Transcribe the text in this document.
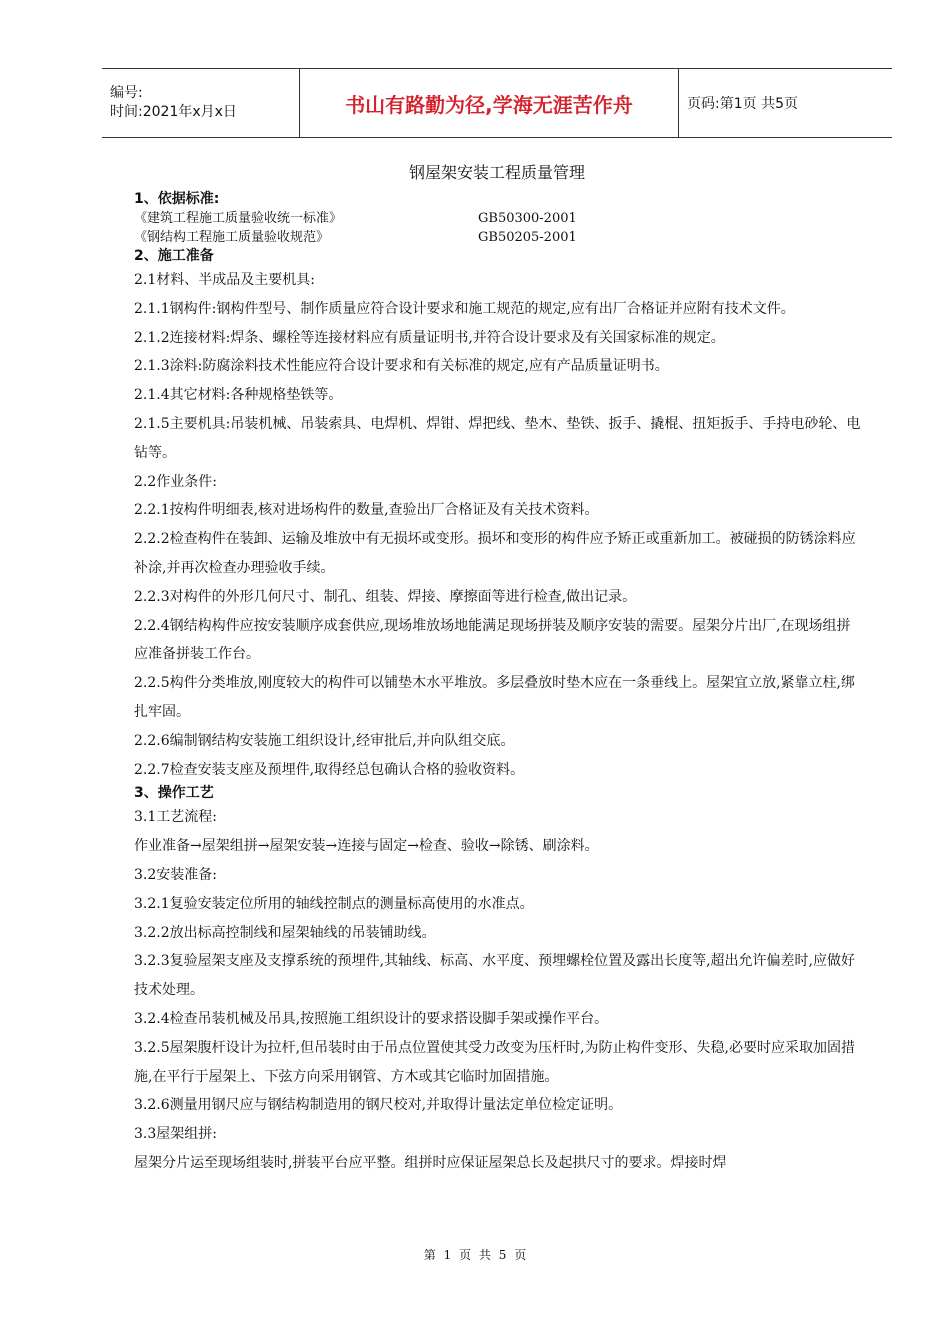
编号:
时间:2021年x月x日	书山有路勤为径,学海无涯苦作舟	页码:第1页 共5页
钢屋架安装工程质量管理
1、依据标准:
《建筑工程施工质量验收统一标准》	GB50300-2001
《钢结构工程施工质量验收规范》	GB50205-2001
2、施工准备
2.1材料、半成品及主要机具:
2.1.1钢构件:钢构件型号、制作质量应符合设计要求和施工规范的规定,应有出厂合格证并应附有技术文件。
2.1.2连接材料:焊条、螺栓等连接材料应有质量证明书,并符合设计要求及有关国家标准的规定。
2.1.3涂料:防腐涂料技术性能应符合设计要求和有关标准的规定,应有产品质量证明书。
2.1.4其它材料:各种规格垫铁等。
2.1.5主要机具:吊装机械、吊装索具、电焊机、焊钳、焊把线、垫木、垫铁、扳手、撬棍、扭矩扳手、手持电砂轮、电钻等。
2.2作业条件:
2.2.1按构件明细表,核对进场构件的数量,查验出厂合格证及有关技术资料。
2.2.2检查构件在装卸、运输及堆放中有无损坏或变形。损坏和变形的构件应予矫正或重新加工。被碰损的防锈涂料应补涂,并再次检查办理验收手续。
2.2.3对构件的外形几何尺寸、制孔、组装、焊接、摩擦面等进行检查,做出记录。
2.2.4钢结构构件应按安装顺序成套供应,现场堆放场地能满足现场拼装及顺序安装的需要。屋架分片出厂,在现场组拼应准备拼装工作台。
2.2.5构件分类堆放,刚度较大的构件可以铺垫木水平堆放。多层叠放时垫木应在一条垂线上。屋架宜立放,紧靠立柱,绑扎牢固。
2.2.6编制钢结构安装施工组织设计,经审批后,并向队组交底。
2.2.7检查安装支座及预埋件,取得经总包确认合格的验收资料。
3、操作工艺
3.1工艺流程:
作业准备→屋架组拼→屋架安装→连接与固定→检查、验收→除锈、刷涂料。
3.2安装准备:
3.2.1复验安装定位所用的轴线控制点的测量标高使用的水准点。
3.2.2放出标高控制线和屋架轴线的吊装铺助线。
3.2.3复验屋架支座及支撑系统的预埋件,其轴线、标高、水平度、预埋螺栓位置及露出长度等,超出允许偏差时,应做好技术处理。
3.2.4检查吊装机械及吊具,按照施工组织设计的要求搭设脚手架或操作平台。
3.2.5屋架腹杆设计为拉杆,但吊装时由于吊点位置使其受力改变为压杆时,为防止构件变形、失稳,必要时应采取加固措施,在平行于屋架上、下弦方向采用钢管、方木或其它临时加固措施。
3.2.6测量用钢尺应与钢结构制造用的钢尺校对,并取得计量法定单位检定证明。
3.3屋架组拼:
屋架分片运至现场组装时,拼装平台应平整。组拼时应保证屋架总长及起拱尺寸的要求。焊接时焊
第 1 页 共 5 页
